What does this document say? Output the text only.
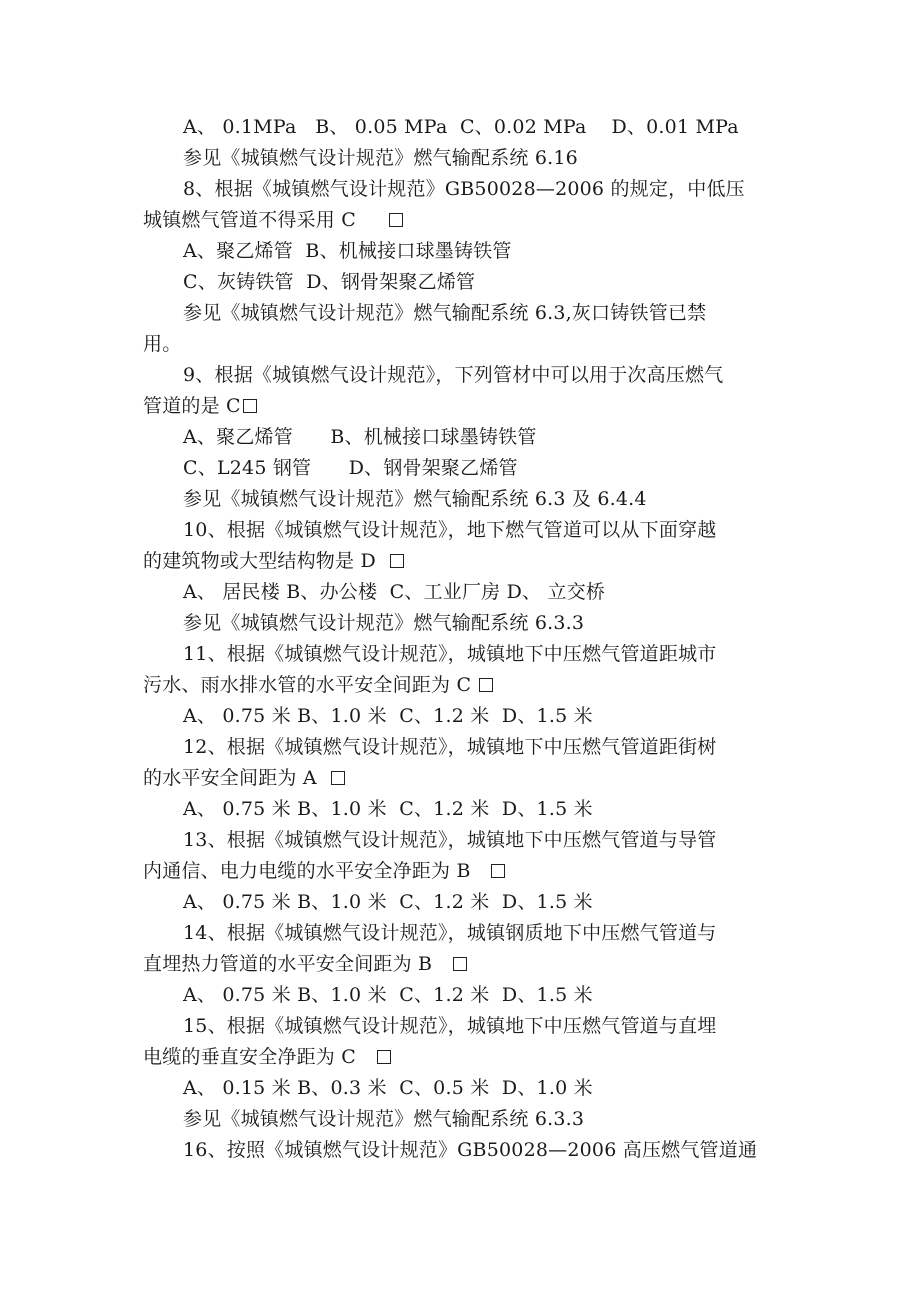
A、 0.1MPa   B、 0.05 MPa  C、0.02 MPa    D、0.01 MPa
参见《城镇燃气设计规范》燃气输配系统 6.16
8、根据《城镇燃气设计规范》GB50028—2006 的规定，中低压
城镇燃气管道不得采用 C
A、聚乙烯管  B、机械接口球墨铸铁管
C、灰铸铁管  D、钢骨架聚乙烯管
参见《城镇燃气设计规范》燃气输配系统 6.3,灰口铸铁管已禁
用。
9、根据《城镇燃气设计规范》，下列管材中可以用于次高压燃气
管道的是 C
A、聚乙烯管      B、机械接口球墨铸铁管
C、L245 钢管      D、钢骨架聚乙烯管
参见《城镇燃气设计规范》燃气输配系统 6.3 及 6.4.4
10、根据《城镇燃气设计规范》，地下燃气管道可以从下面穿越
的建筑物或大型结构物是 D
A、 居民楼 B、办公楼  C、工业厂房 D、 立交桥
参见《城镇燃气设计规范》燃气输配系统 6.3.3
11、根据《城镇燃气设计规范》，城镇地下中压燃气管道距城市
污水、雨水排水管的水平安全间距为 C
A、 0.75 米 B、1.0 米  C、1.2 米  D、1.5 米
12、根据《城镇燃气设计规范》，城镇地下中压燃气管道距街树
的水平安全间距为 A
A、 0.75 米 B、1.0 米  C、1.2 米  D、1.5 米
13、根据《城镇燃气设计规范》，城镇地下中压燃气管道与导管
内通信、电力电缆的水平安全净距为 B
A、 0.75 米 B、1.0 米  C、1.2 米  D、1.5 米
14、根据《城镇燃气设计规范》，城镇钢质地下中压燃气管道与
直埋热力管道的水平安全间距为 B
A、 0.75 米 B、1.0 米  C、1.2 米  D、1.5 米
15、根据《城镇燃气设计规范》，城镇地下中压燃气管道与直埋
电缆的垂直安全净距为 C
A、 0.15 米 B、0.3 米  C、0.5 米  D、1.0 米
参见《城镇燃气设计规范》燃气输配系统 6.3.3
16、按照《城镇燃气设计规范》GB50028—2006 高压燃气管道通
